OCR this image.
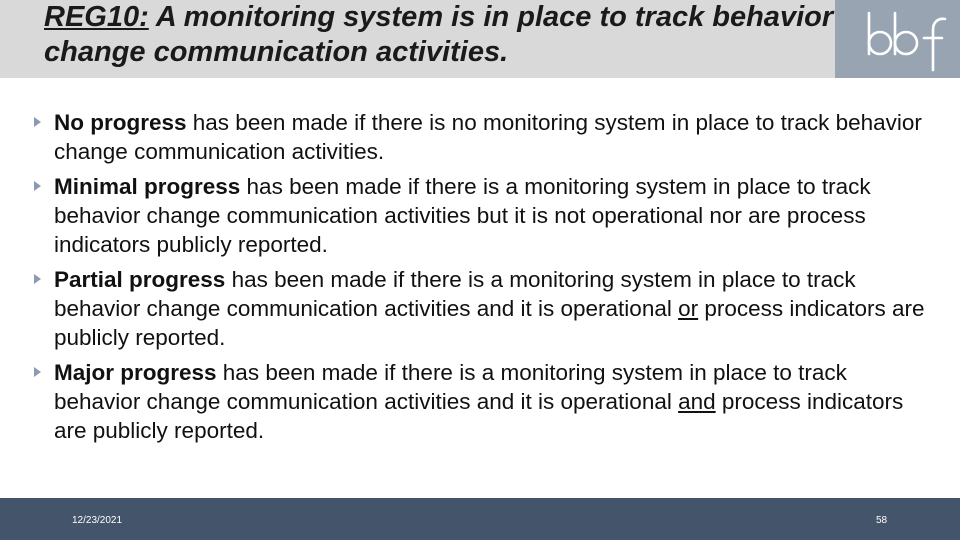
REG10: A monitoring system is in place to track behavior change communication activities.
No progress has been made if there is no monitoring system in place to track behavior change communication activities.
Minimal progress has been made if there is a monitoring system in place to track behavior change communication activities but it is not operational nor are process indicators publicly reported.
Partial progress has been made if there is a monitoring system in place to track behavior change communication activities and it is operational or process indicators are publicly reported.
Major progress has been made if there is a monitoring system in place to track behavior change communication activities and it is operational and process indicators are publicly reported.
12/23/2021	58
